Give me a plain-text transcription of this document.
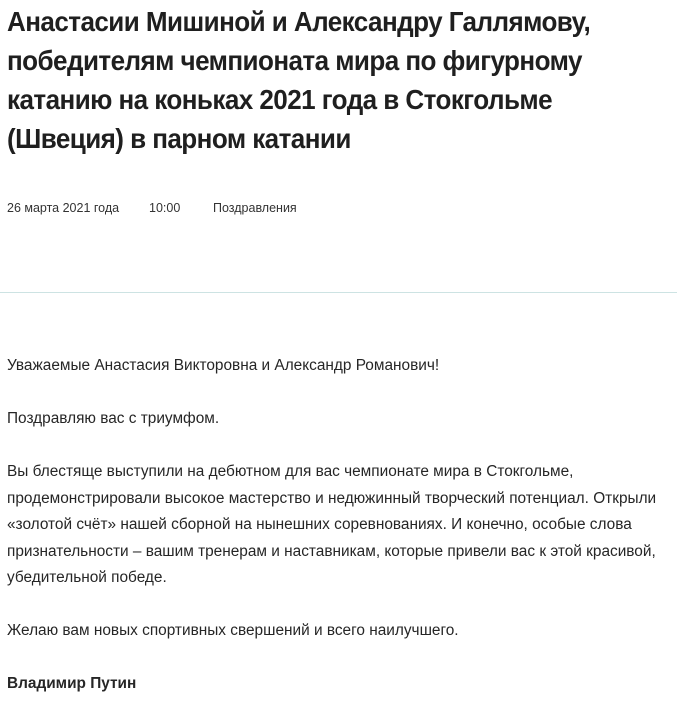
Анастасии Мишиной и Александру Галлямову, победителям чемпионата мира по фигурному катанию на коньках 2021 года в Стокгольме (Швеция) в парном катании
26 марта 2021 года	10:00	Поздравления

Уважаемые Анастасия Викторовна и Александр Романович!

Поздравляю вас с триумфом.

Вы блестяще выступили на дебютном для вас чемпионате мира в Стокгольме, продемонстрировали высокое мастерство и недюжинный творческий потенциал. Открыли «золотой счёт» нашей сборной на нынешних соревнованиях. И конечно, особые слова признательности – вашим тренерам и наставникам, которые привели вас к этой красивой, убедительной победе.

Желаю вам новых спортивных свершений и всего наилучшего.

Владимир Путин
